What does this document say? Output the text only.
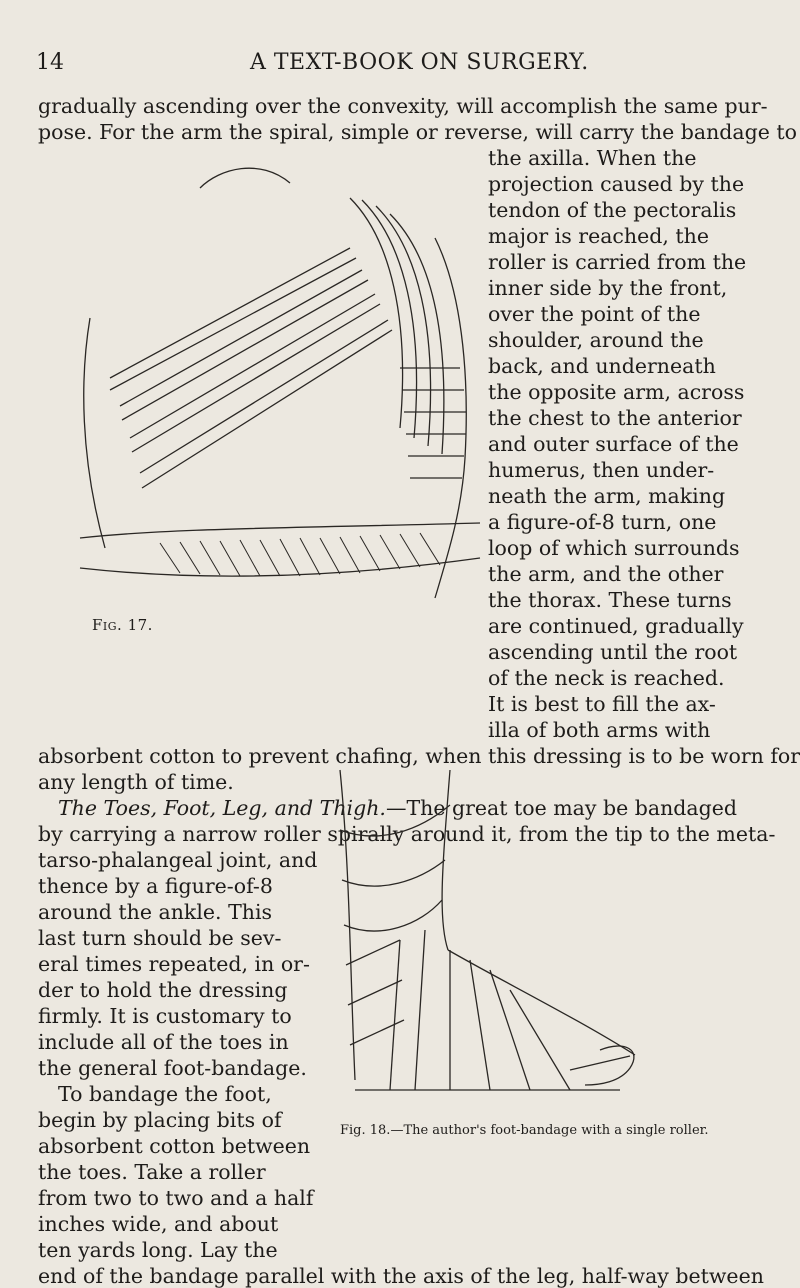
14	A TEXT-BOOK ON SURGERY.
gradually ascending over the convexity, will accomplish the same pur-
pose. For the arm the spiral, simple or reverse, will carry the bandage to
the axilla. When the
projection caused by the
tendon of the pectoralis
major is reached, the
roller is carried from the
inner side by the front,
over the point of the
shoulder, around the
back, and underneath
the opposite arm, across
the chest to the anterior
and outer surface of the
humerus, then under-
neath the arm, making
a figure-of-8 turn, one
loop of which surrounds
the arm, and the other
the thorax. These turns
are continued, gradually
ascending until the root
of the neck is reached.
It is best to fill the ax-
illa of both arms with
absorbent cotton to prevent chafing, when this dressing is to be worn for
any length of time.
The Toes, Foot, Leg, and Thigh.—The great toe may be bandaged
by carrying a narrow roller spirally around it, from the tip to the meta-
tarso-phalangeal joint, and
thence by a figure-of-8
around the ankle. This
last turn should be sev-
eral times repeated, in or-
der to hold the dressing
firmly. It is customary to
include all of the toes in
the general foot-bandage.
To bandage the foot,
begin by placing bits of
absorbent cotton between
the toes. Take a roller
from two to two and a half
inches wide, and about
ten yards long. Lay the
end of the bandage parallel with the axis of the leg, half-way between
Fig. 17.
Fig. 18.—The author's foot-bandage with a single roller.
